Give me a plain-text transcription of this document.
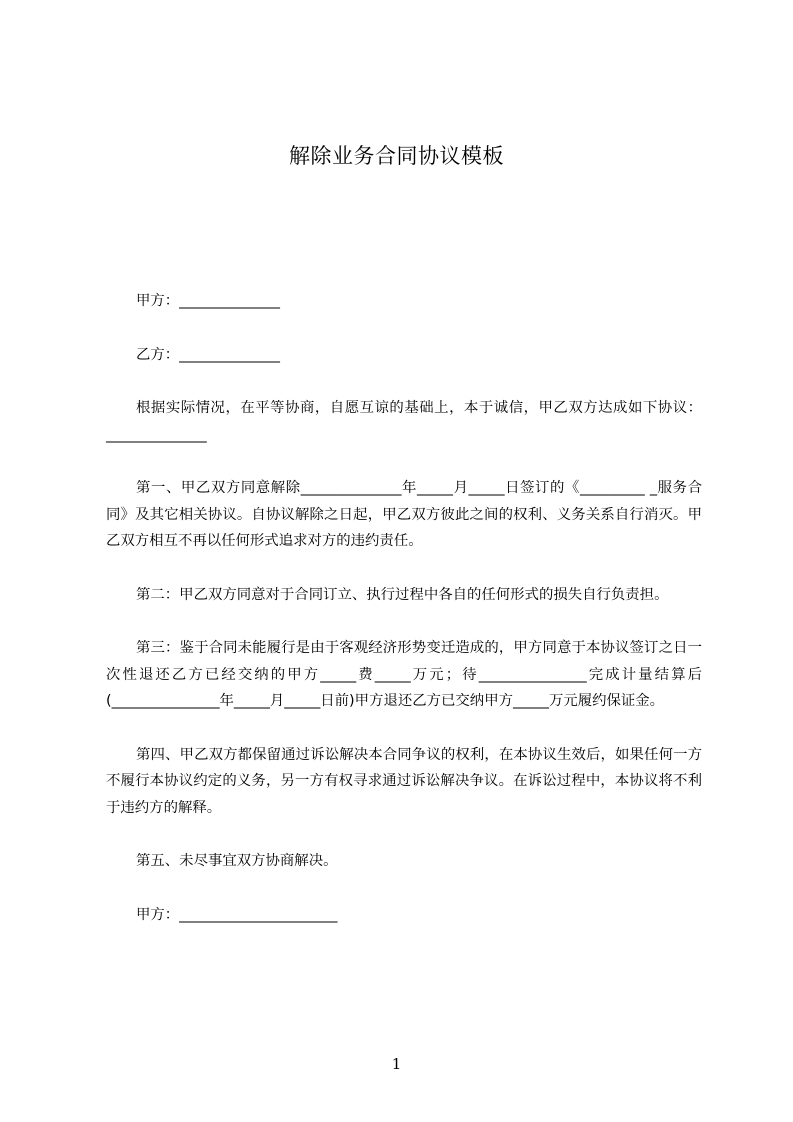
解除业务合同协议模板
甲方：______________
乙方：______________

根据实际情况，在平等协商，自愿互谅的基础上，本于诚信，甲乙双方达成如下协议：______________

第一、甲乙双方同意解除______________年_____月_____日签订的《_________ _服务合同》及其它相关协议。自协议解除之日起，甲乙双方彼此之间的权利、义务关系自行消灭。甲乙双方相互不再以任何形式追求对方的违约责任。

第二：甲乙双方同意对于合同订立、执行过程中各自的任何形式的损失自行负责担。

第三：鉴于合同未能履行是由于客观经济形势变迁造成的，甲方同意于本协议签订之日一次性退还乙方已经交纳的甲方_____费_____万元；待_______________完成计量结算后(_______________年_____月_____日前)甲方退还乙方已交纳甲方_____万元履约保证金。

第四、甲乙双方都保留通过诉讼解决本合同争议的权利，在本协议生效后，如果任何一方不履行本协议约定的义务，另一方有权寻求通过诉讼解决争议。在诉讼过程中，本协议将不利于违约方的解释。

第五、未尽事宜双方协商解决。

甲方：______________________
1
